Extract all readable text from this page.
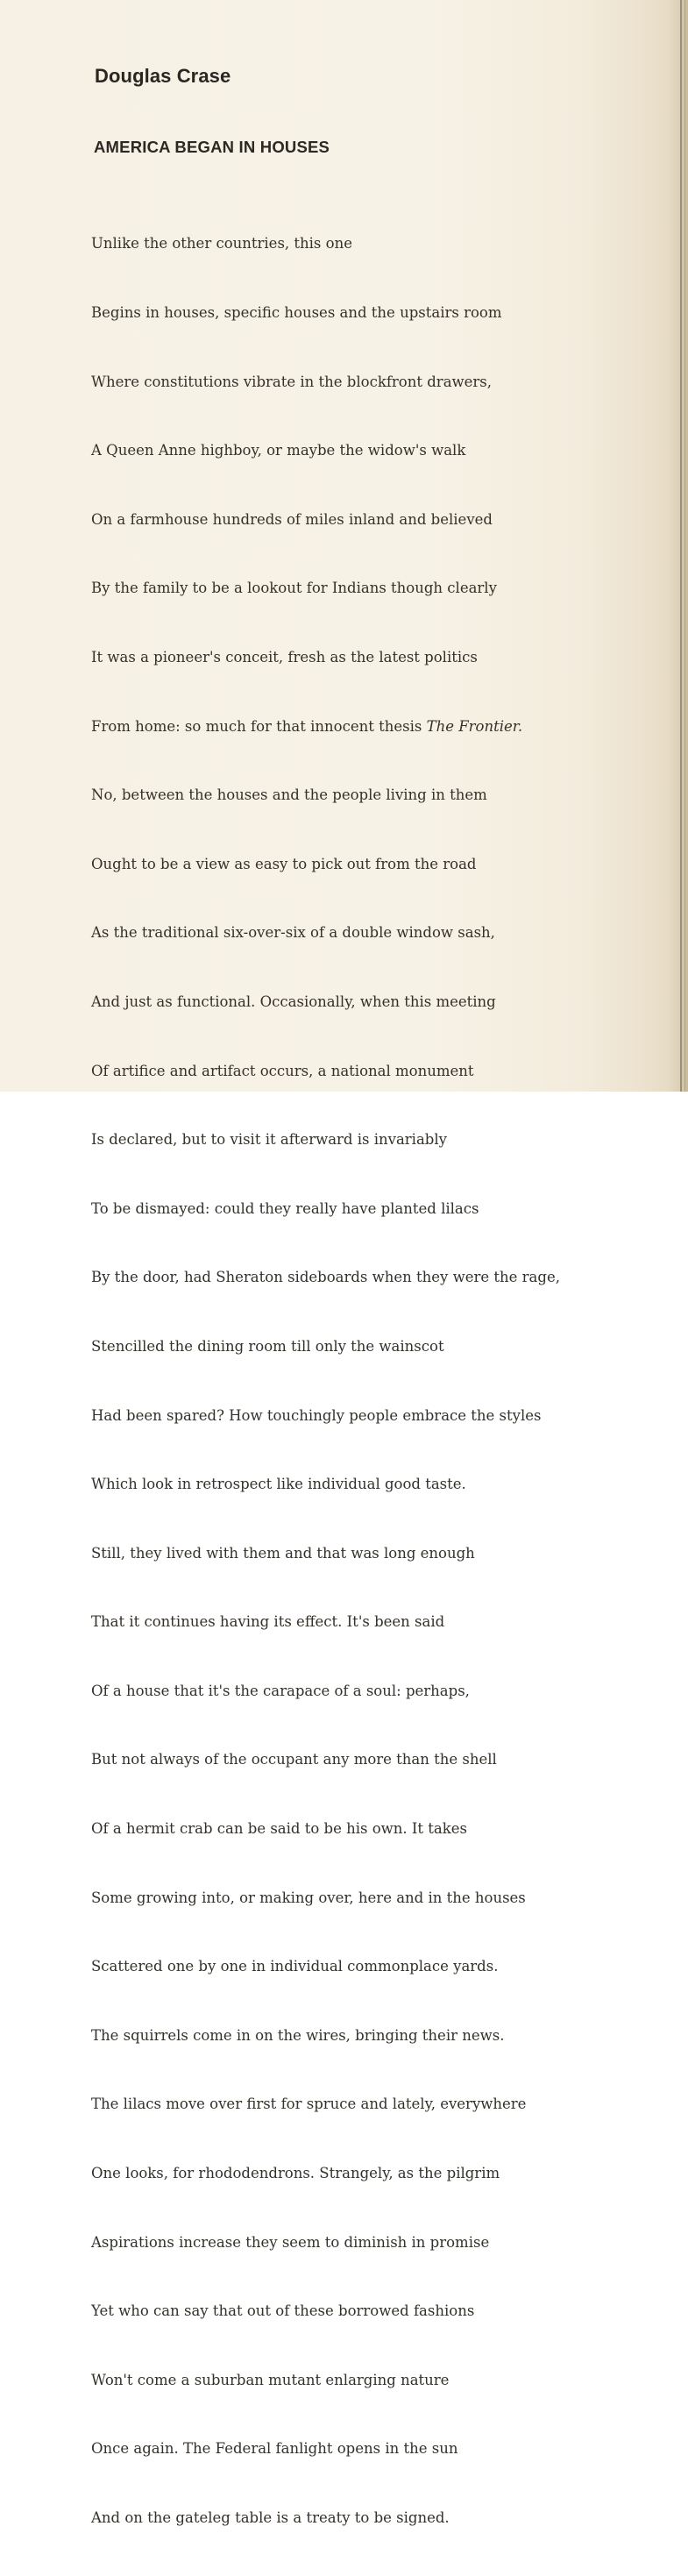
Douglas Crase
AMERICA BEGAN IN HOUSES

Unlike the other countries, this one

Begins in houses, specific houses and the upstairs room

Where constitutions vibrate in the blockfront drawers,

A Queen Anne highboy, or maybe the widow's walk

On a farmhouse hundreds of miles inland and believed

By the family to be a lookout for Indians though clearly

It was a pioneer's conceit, fresh as the latest politics

From home: so much for that innocent thesis The Frontier.

No, between the houses and the people living in them

Ought to be a view as easy to pick out from the road

As the traditional six-over-six of a double window sash,

And just as functional. Occasionally, when this meeting

Of artifice and artifact occurs, a national monument

Is declared, but to visit it afterward is invariably

To be dismayed: could they really have planted lilacs

By the door, had Sheraton sideboards when they were the rage,

Stencilled the dining room till only the wainscot

Had been spared? How touchingly people embrace the styles

Which look in retrospect like individual good taste.

Still, they lived with them and that was long enough

That it continues having its effect. It's been said

Of a house that it's the carapace of a soul: perhaps,

But not always of the occupant any more than the shell

Of a hermit crab can be said to be his own. It takes

Some growing into, or making over, here and in the houses

Scattered one by one in individual commonplace yards.

The squirrels come in on the wires, bringing their news.

The lilacs move over first for spruce and lately, everywhere

One looks, for rhododendrons. Strangely, as the pilgrim

Aspirations increase they seem to diminish in promise

Yet who can say that out of these borrowed fashions

Won't come a suburban mutant enlarging nature

Once again. The Federal fanlight opens in the sun

And on the gateleg table is a treaty to be signed.
